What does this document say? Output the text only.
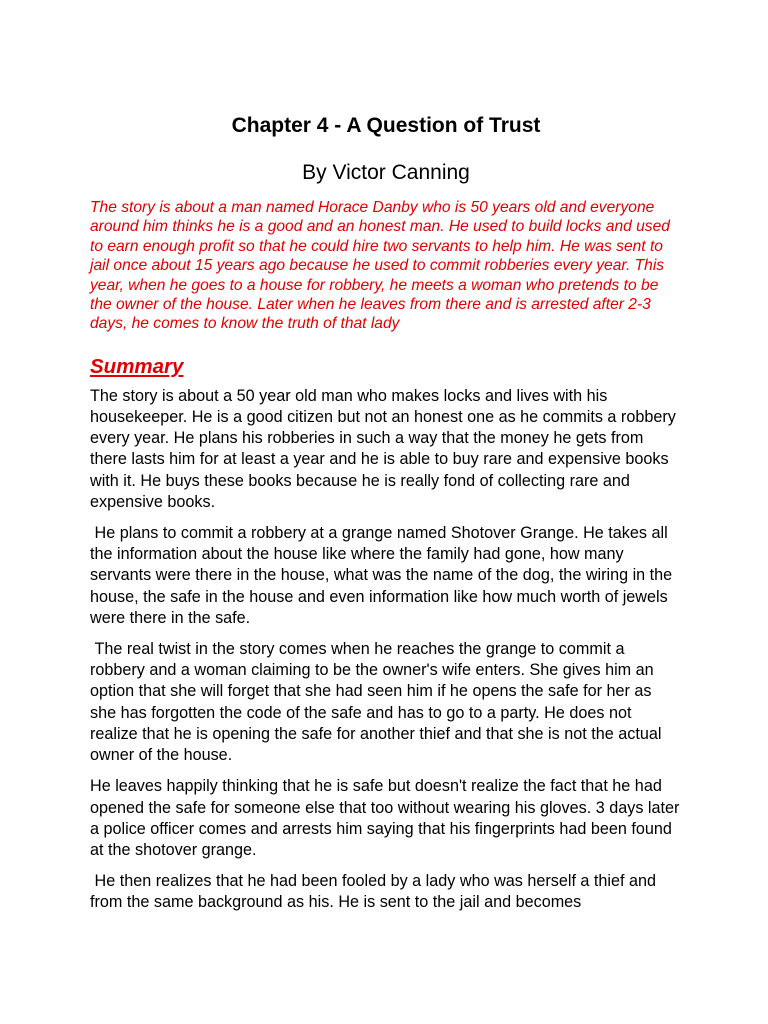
Chapter 4 - A Question of Trust
By Victor Canning

The story is about a man named Horace Danby who is 50 years old and everyone around him thinks he is a good and an honest man. He used to build locks and used to earn enough profit so that he could hire two servants to help him. He was sent to jail once about 15 years ago because he used to commit robberies every year. This year, when he goes to a house for robbery, he meets a woman who pretends to be the owner of the house. Later when he leaves from there and is arrested after 2-3 days, he comes to know the truth of that lady

Summary

The story is about a 50 year old man who makes locks and lives with his housekeeper. He is a good citizen but not an honest one as he commits a robbery every year. He plans his robberies in such a way that the money he gets from there lasts him for at least a year and he is able to buy rare and expensive books with it. He buys these books because he is really fond of collecting rare and expensive books.

He plans to commit a robbery at a grange named Shotover Grange. He takes all the information about the house like where the family had gone, how many servants were there in the house, what was the name of the dog, the wiring in the house, the safe in the house and even information like how much worth of jewels were there in the safe.

The real twist in the story comes when he reaches the grange to commit a robbery and a woman claiming to be the owner's wife enters. She gives him an option that she will forget that she had seen him if he opens the safe for her as she has forgotten the code of the safe and has to go to a party. He does not realize that he is opening the safe for another thief and that she is not the actual owner of the house.

He leaves happily thinking that he is safe but doesn't realize the fact that he had opened the safe for someone else that too without wearing his gloves. 3 days later a police officer comes and arrests him saying that his fingerprints had been found at the shotover grange.

He then realizes that he had been fooled by a lady who was herself a thief and from the same background as his. He is sent to the jail and becomes
